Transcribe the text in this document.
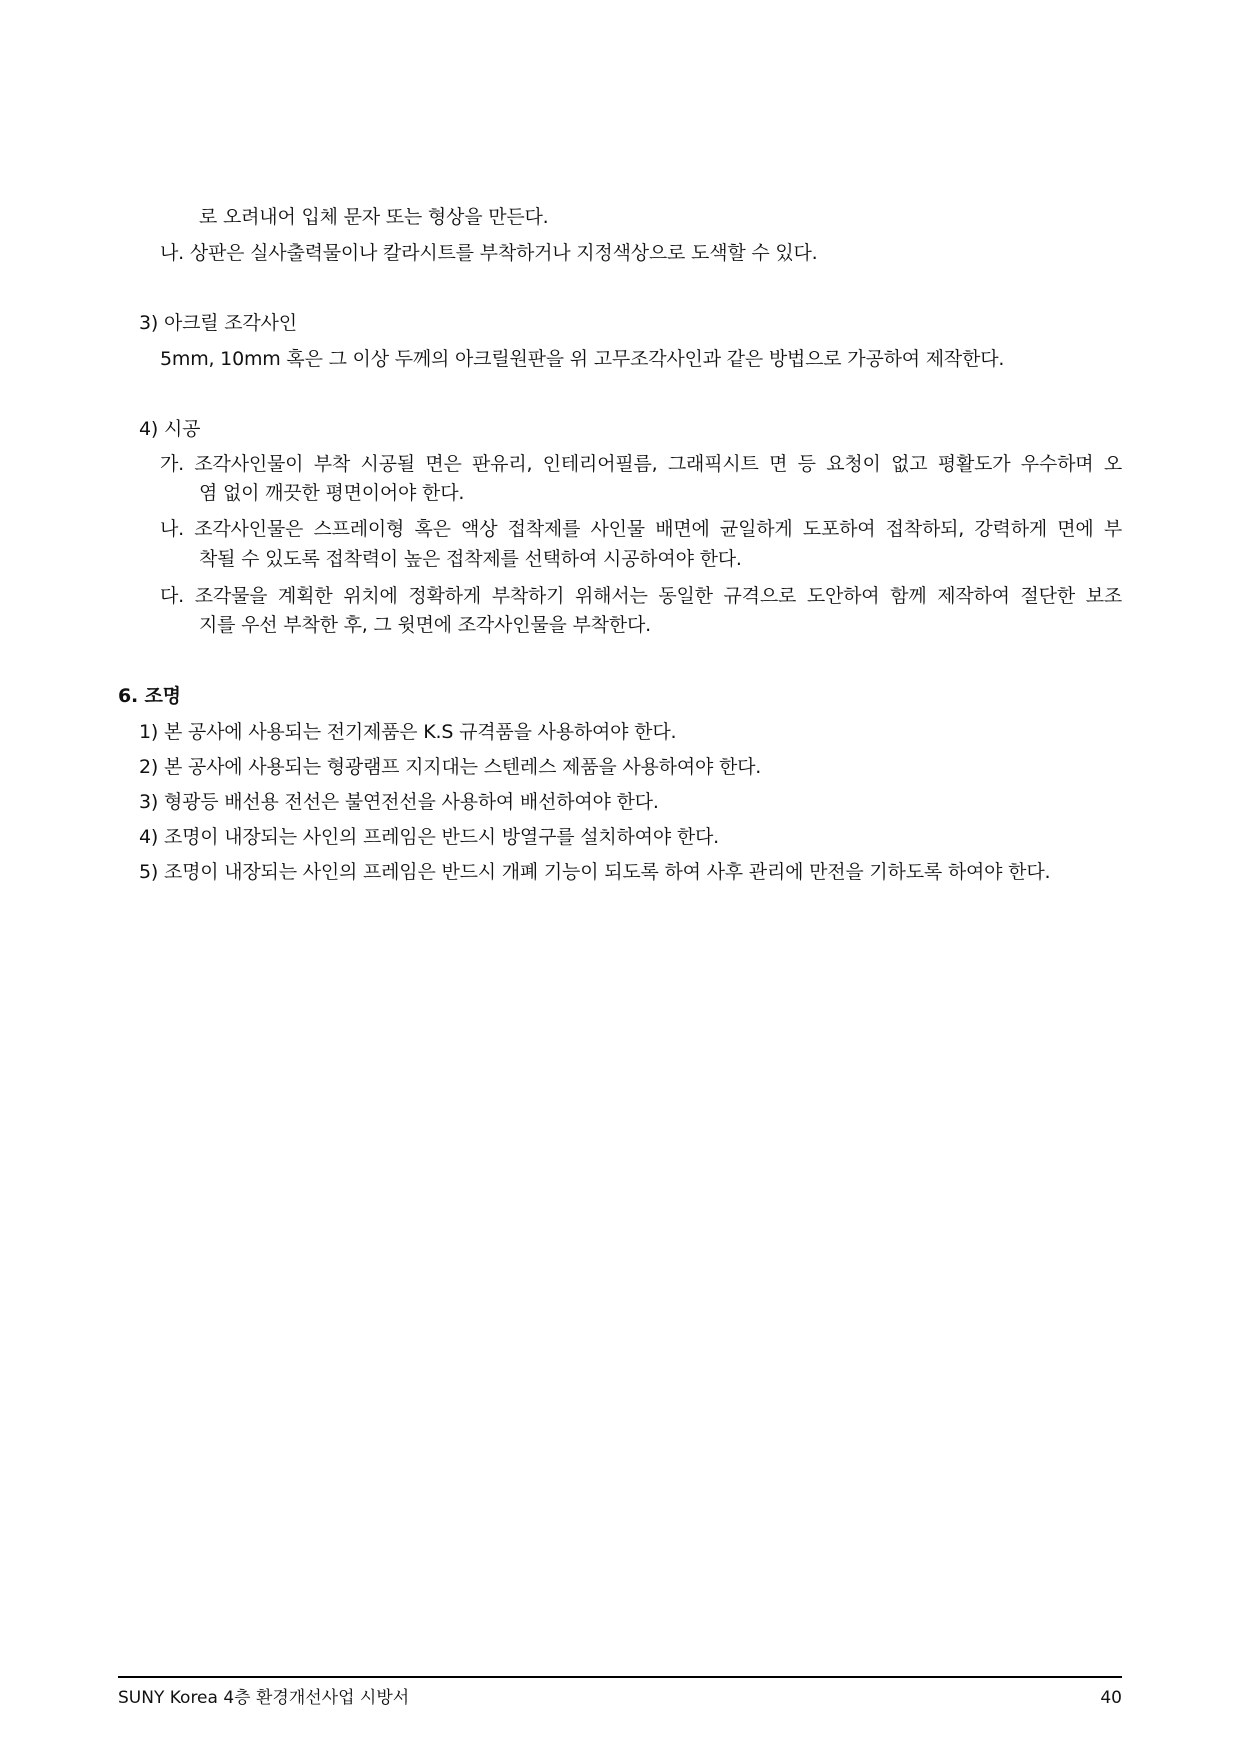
로 오려내어 입체 문자 또는 형상을 만든다.
나. 상판은 실사출력물이나 칼라시트를 부착하거나 지정색상으로 도색할 수 있다.
3) 아크릴 조각사인
5mm, 10mm 혹은 그 이상 두께의 아크릴원판을 위 고무조각사인과 같은 방법으로 가공하여 제작한다.
4) 시공
가. 조각사인물이 부착 시공될 면은 판유리, 인테리어필름, 그래픽시트 면 등 요청이 없고 평활도가 우수하며 오
염 없이 깨끗한 평면이어야 한다.
나. 조각사인물은 스프레이형 혹은 액상 접착제를 사인물 배면에 균일하게 도포하여 접착하되, 강력하게 면에 부
착될 수 있도록 접착력이 높은 접착제를 선택하여 시공하여야 한다.
다. 조각물을 계획한 위치에 정확하게 부착하기 위해서는 동일한 규격으로 도안하여 함께 제작하여 절단한 보조
지를 우선 부착한 후, 그 윗면에 조각사인물을 부착한다.
6. 조명
1) 본 공사에 사용되는 전기제품은 K.S 규격품을 사용하여야 한다.
2) 본 공사에 사용되는 형광램프 지지대는 스텐레스 제품을 사용하여야 한다.
3) 형광등 배선용 전선은 불연전선을 사용하여 배선하여야 한다.
4) 조명이 내장되는 사인의 프레임은 반드시 방열구를 설치하여야 한다.
5) 조명이 내장되는 사인의 프레임은 반드시 개폐 기능이 되도록 하여 사후 관리에 만전을 기하도록 하여야 한다.
SUNY Korea 4층 환경개선사업 시방서	40
